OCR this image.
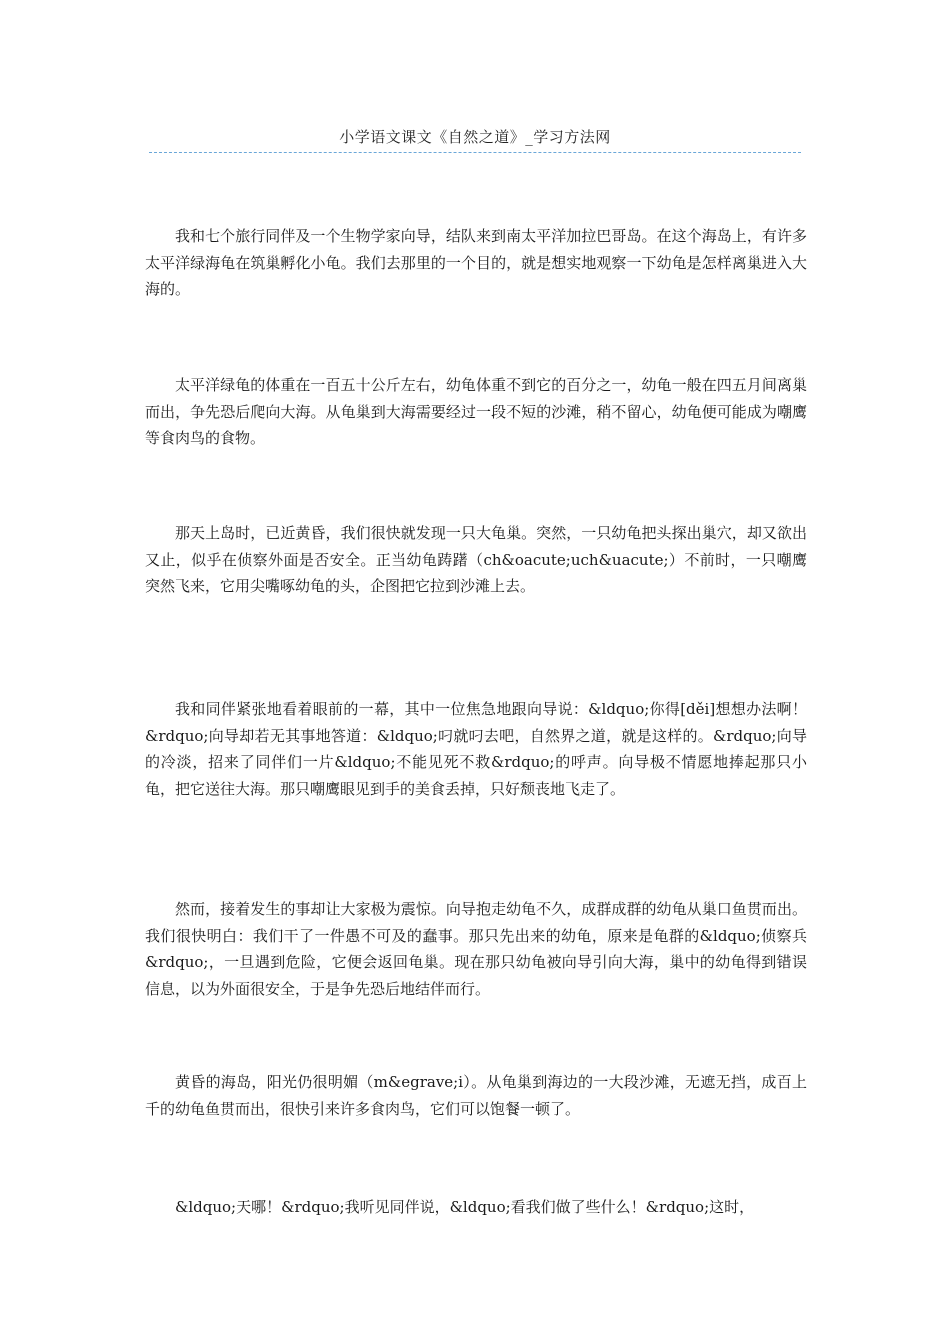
小学语文课文《自然之道》_学习方法网

我和七个旅行同伴及一个生物学家向导，结队来到南太平洋加拉巴哥岛。在这个海岛上，有许多太平洋绿海龟在筑巢孵化小龟。我们去那里的一个目的，就是想实地观察一下幼龟是怎样离巢进入大海的。

太平洋绿龟的体重在一百五十公斤左右，幼龟体重不到它的百分之一，幼龟一般在四五月间离巢而出，争先恐后爬向大海。从龟巢到大海需要经过一段不短的沙滩，稍不留心，幼龟便可能成为嘲鹰等食肉鸟的食物。

那天上岛时，已近黄昏，我们很快就发现一只大龟巢。突然，一只幼龟把头探出巢穴，却又欲出又止，似乎在侦察外面是否安全。正当幼龟踌躇（ch&oacute;uch&uacute;）不前时，一只嘲鹰突然飞来，它用尖嘴啄幼龟的头，企图把它拉到沙滩上去。

我和同伴紧张地看着眼前的一幕，其中一位焦急地跟向导说：&ldquo;你得[děi]想想办法啊！&rdquo;向导却若无其事地答道：&ldquo;叼就叼去吧，自然界之道，就是这样的。&rdquo;向导的冷淡，招来了同伴们一片&ldquo;不能见死不救&rdquo;的呼声。向导极不情愿地捧起那只小龟，把它送往大海。那只嘲鹰眼见到手的美食丢掉，只好颓丧地飞走了。

然而，接着发生的事却让大家极为震惊。向导抱走幼龟不久，成群成群的幼龟从巢口鱼贯而出。我们很快明白：我们干了一件愚不可及的蠢事。那只先出来的幼龟，原来是龟群的&ldquo;侦察兵&rdquo;，一旦遇到危险，它便会返回龟巢。现在那只幼龟被向导引向大海，巢中的幼龟得到错误信息，以为外面很安全，于是争先恐后地结伴而行。

黄昏的海岛，阳光仍很明媚（m&egrave;i）。从龟巢到海边的一大段沙滩，无遮无挡，成百上千的幼龟鱼贯而出，很快引来许多食肉鸟，它们可以饱餐一顿了。

&ldquo;天哪！&rdquo;我听见同伴说，&ldquo;看我们做了些什么！&rdquo;这时，
